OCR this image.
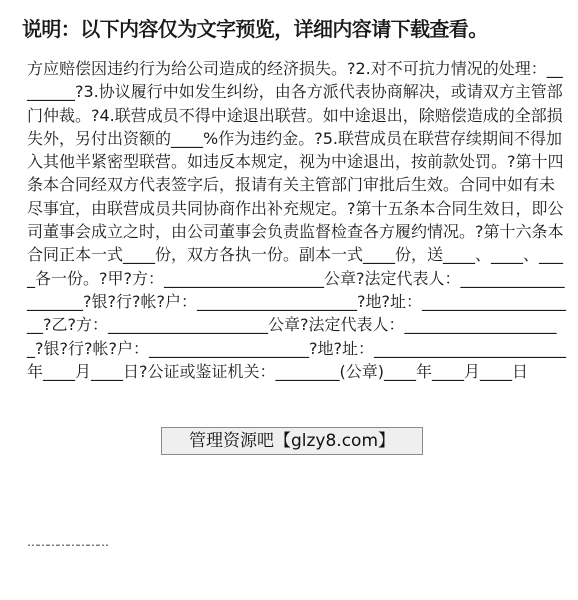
说明：以下内容仅为文字预览，详细内容请下载查看。
方应赔偿因违约行为给公司造成的经济损失。?2.对不可抗力情况的处理：________?3.协议履行中如发生纠纷，由各方派代表协商解决，或请双方主管部门仲裁。?4.联营成员不得中途退出联营。如中途退出，除赔偿造成的全部损失外，另付出资额的____%作为违约金。?5.联营成员在联营存续期间不得加入其他半紧密型联营。如违反本规定，视为中途退出，按前款处罚。?第十四条本合同经双方代表签字后，报请有关主管部门审批后生效。合同中如有未尽事宜，由联营成员共同协商作出补充规定。?第十五条本合同生效日，即公司董事会成立之时，由公司董事会负责监督检查各方履约情况。?第十六条本合同正本一式____份，双方各执一份。副本一式____份，送____、____、____各一份。?甲?方：____________________公章?法定代表人：____________________?银?行?帐?户：____________________?地?址：____________________?乙?方：____________________公章?法定代表人：____________________?银?行?帐?户：____________________?地?址：________________________年____月____日?公证或鉴证机关：________(公章)____年____月____日
管理资源吧【glzy8.com】
……………………
